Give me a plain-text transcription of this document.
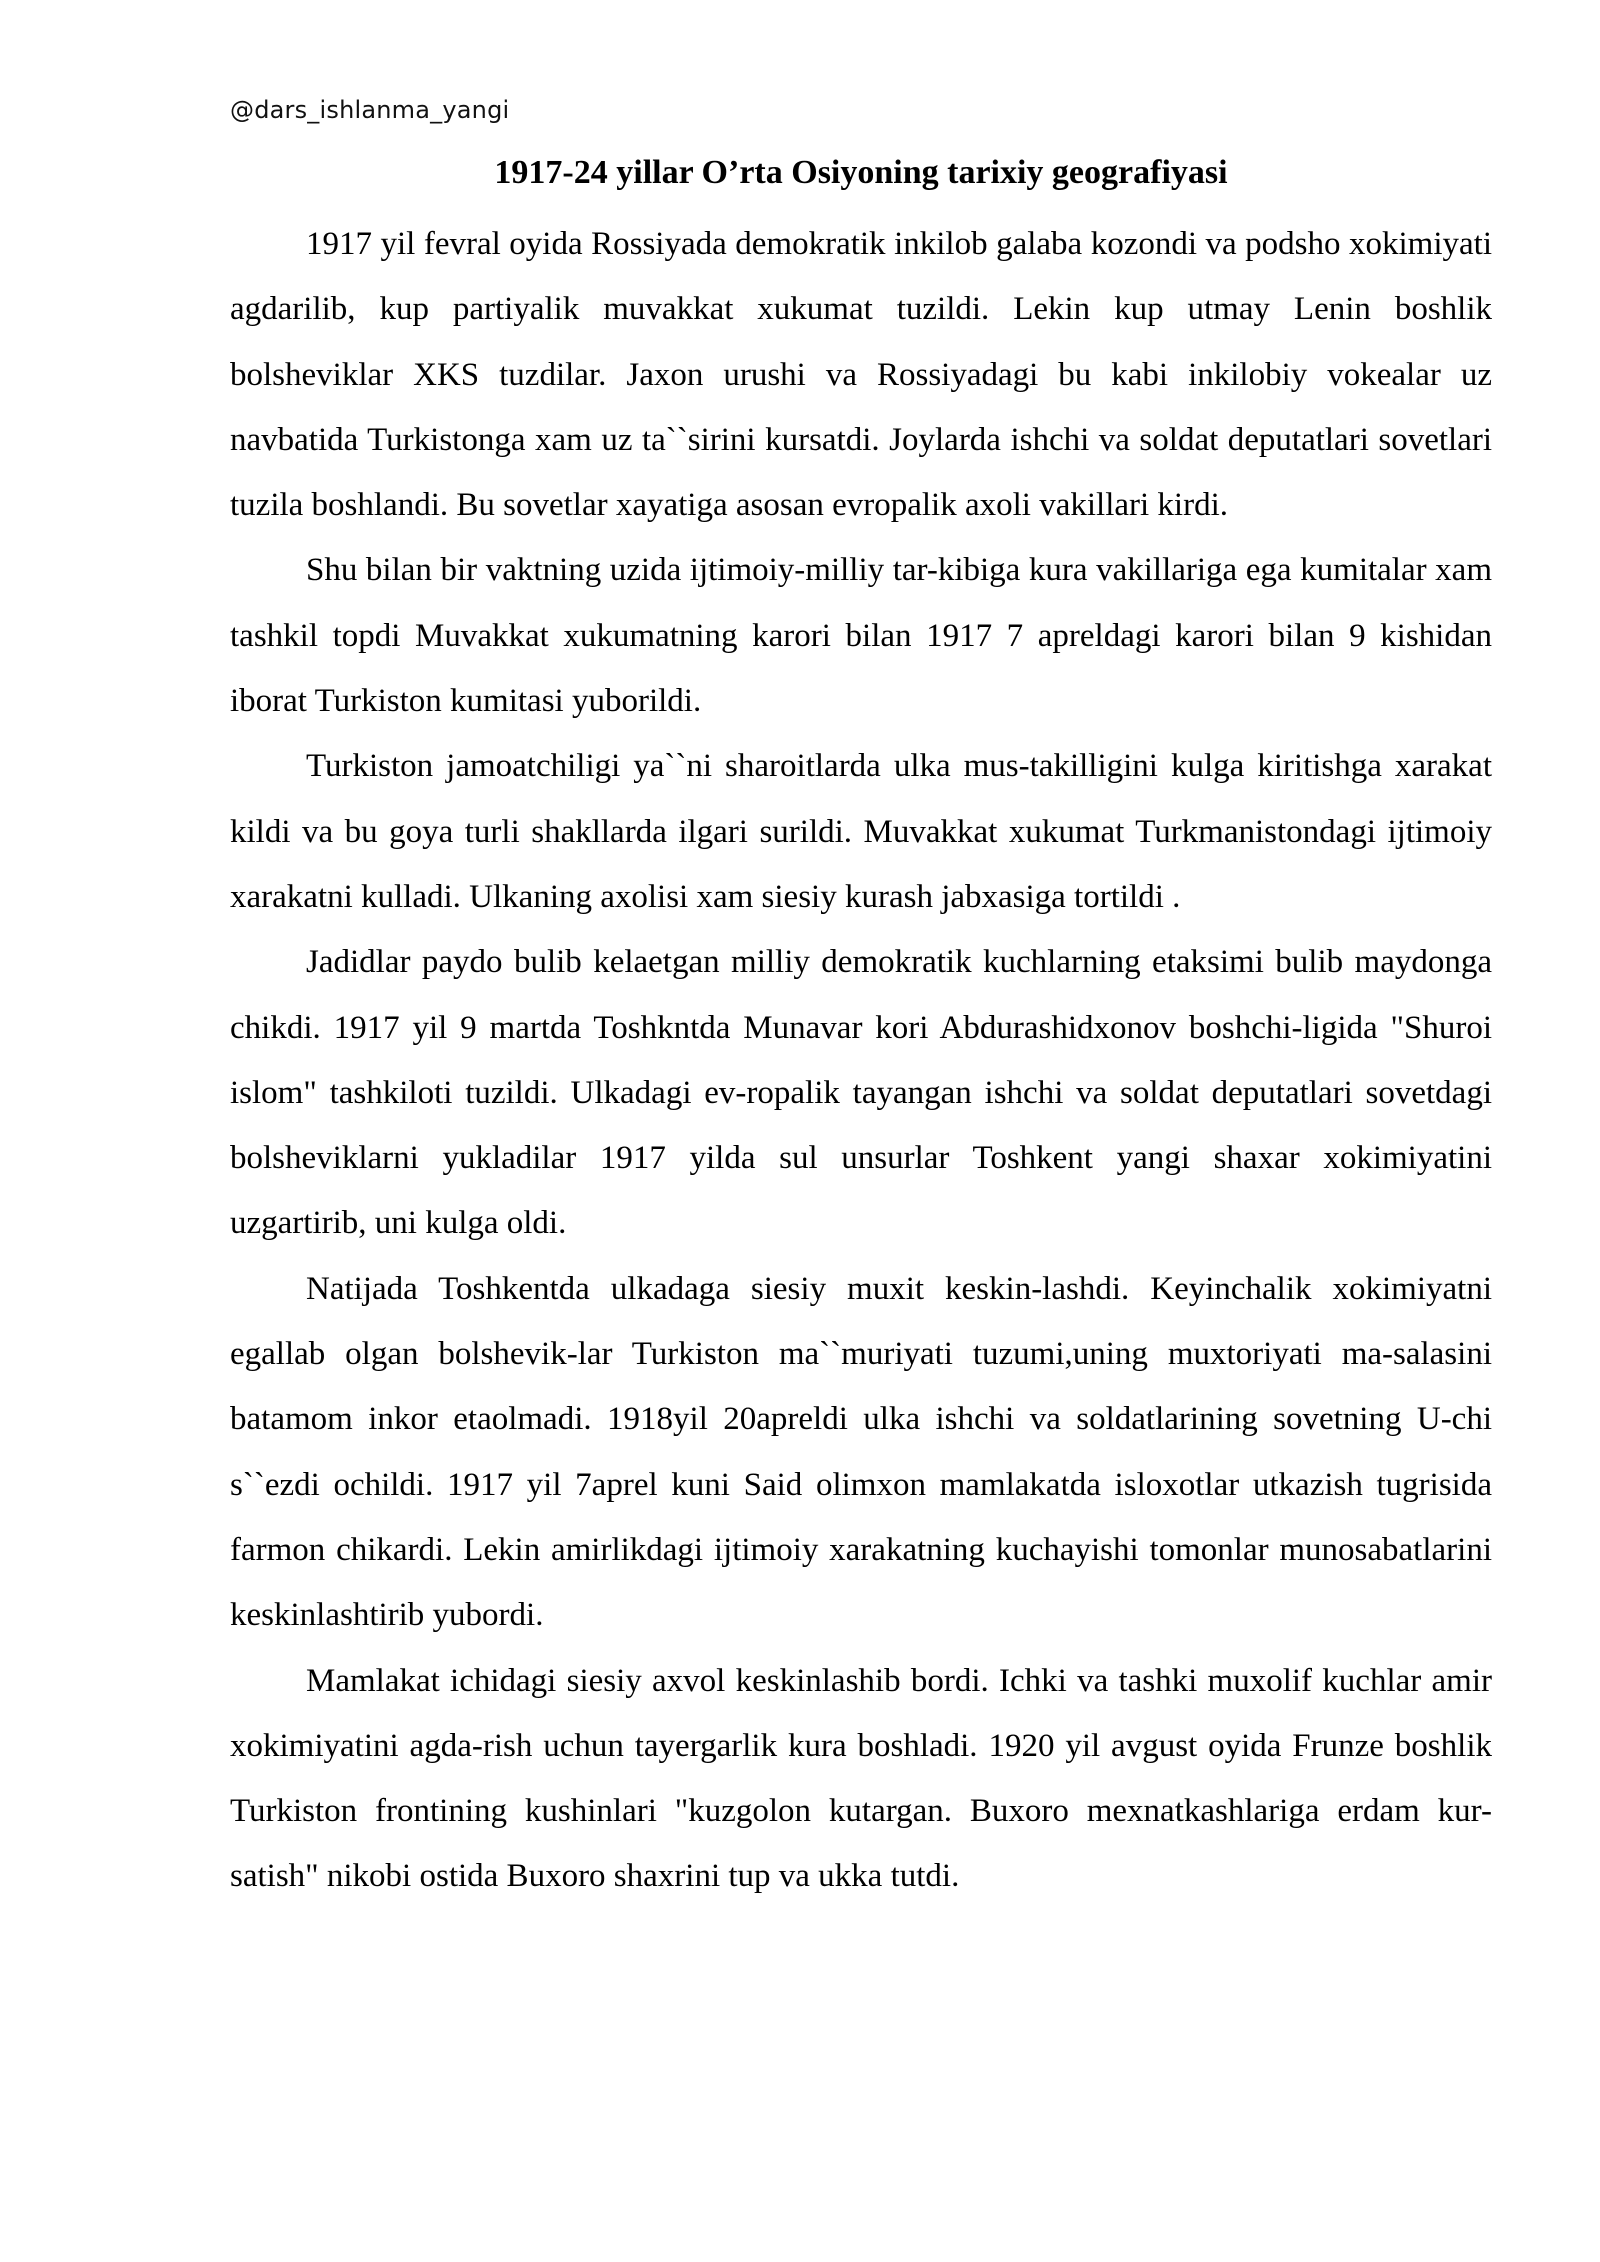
@dars_ishlanma_yangi
1917-24 yillar O’rta Osiyoning tarixiy geografiyasi

1917 yil fevral oyida Rossiyada demokratik inkilob galaba kozondi va podsho xokimiyati agdarilib, kup partiyalik muvakkat xukumat tuzildi. Lekin kup utmay Lenin boshlik bolsheviklar XKS tuzdilar. Jaxon urushi va Rossiyadagi bu kabi inkilobiy vokealar uz navbatida Turkistonga xam uz ta``sirini kursatdi. Joylarda ishchi va soldat deputatlari sovetlari tuzila boshlandi. Bu sovetlar xayatiga asosan evropalik axoli vakillari kirdi.

Shu bilan bir vaktning uzida ijtimoiy-milliy tar-kibiga kura vakillariga ega kumitalar xam tashkil topdi Muvakkat xukumatning karori bilan 1917 7 apreldagi karori bilan 9 kishidan iborat Turkiston kumitasi yuborildi.

Turkiston jamoatchiligi ya``ni sharoitlarda ulka mus-takilligini kulga kiritishga xarakat kildi va bu goya turli shakllarda ilgari surildi. Muvakkat xukumat Turkmanistondagi ijtimoiy xarakatni kulladi. Ulkaning axolisi xam siesiy kurash jabxasiga tortildi .

Jadidlar paydo bulib kelaetgan milliy demokratik kuchlarning etaksimi bulib maydonga chikdi. 1917 yil 9 martda Toshkntda Munavar kori Abdurashidxonov boshchi-ligida "Shuroi islom" tashkiloti tuzildi. Ulkadagi ev-ropalik tayangan ishchi va soldat deputatlari sovetdagi bolsheviklarni yukladilar 1917 yilda sul unsurlar Toshkent yangi shaxar xokimiyatini uzgartirib, uni kulga oldi.

Natijada Toshkentda ulkadaga siesiy muxit keskin-lashdi. Keyinchalik xokimiyatni egallab olgan bolshevik-lar Turkiston ma``muriyati tuzumi,uning muxtoriyati ma-salasini batamom inkor etaolmadi. 1918yil 20apreldi ulka ishchi va soldatlarining sovetning U-chi s``ezdi ochildi. 1917 yil 7aprel kuni Said olimxon mamlakatda isloxotlar utkazish tugrisida farmon chikardi. Lekin amirlikdagi ijtimoiy xarakatning kuchayishi tomonlar munosabatlarini keskinlashtirib yubordi.

Mamlakat ichidagi siesiy axvol keskinlashib bordi. Ichki va tashki muxolif kuchlar amir xokimiyatini agda-rish uchun tayergarlik kura boshladi. 1920 yil avgust oyida Frunze boshlik Turkiston frontining kushinlari "kuzgolon kutargan. Buxoro mexnatkashlariga erdam kur-satish" nikobi ostida Buxoro shaxrini tup va ukka tutdi.
